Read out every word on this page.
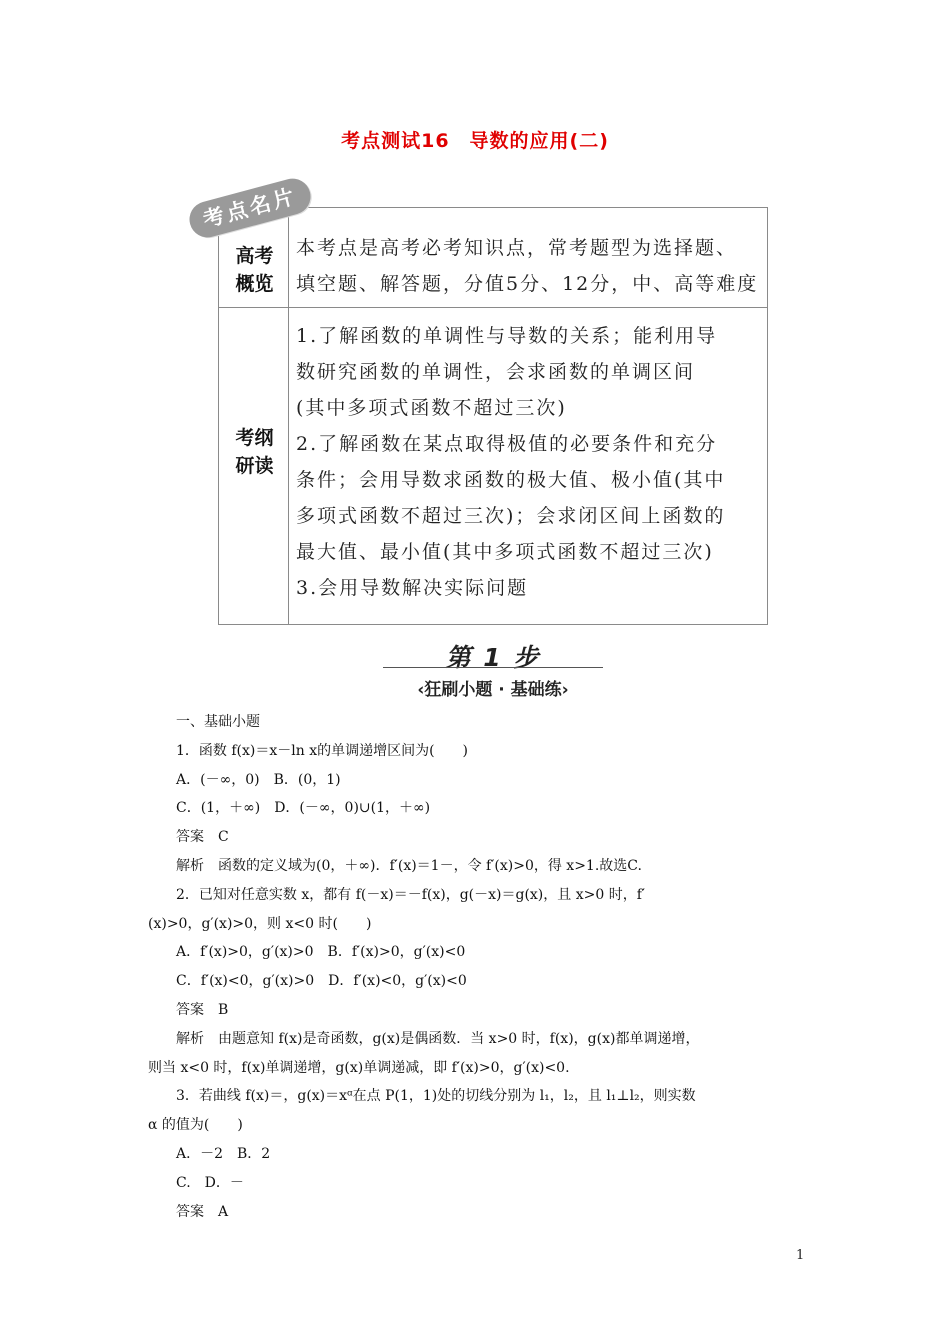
考点测试16　导数的应用(二)
考点名片
高考
概览
本考点是高考必考知识点，常考题型为选择题、
填空题、解答题，分值5分、12分，中、高等难度
考纲
研读
1.了解函数的单调性与导数的关系；能利用导
数研究函数的单调性，会求函数的单调区间
(其中多项式函数不超过三次)
2.了解函数在某点取得极值的必要条件和充分
条件；会用导数求函数的极大值、极小值(其中
多项式函数不超过三次)；会求闭区间上函数的
最大值、最小值(其中多项式函数不超过三次)
3.会用导数解决实际问题
第 1 步
‹狂刷小题 · 基础练›
一、基础小题
1．函数 f(x)＝x－ln x的单调递增区间为(　　)
A．(－∞，0)　B．(0，1)
C．(1，＋∞)　D．(－∞，0)∪(1，＋∞)
答案　C
解析　函数的定义域为(0，＋∞)．f′(x)＝1－，令 f′(x)>0，得 x>1.故选C.
2．已知对任意实数 x，都有 f(－x)＝－f(x)，g(－x)＝g(x)，且 x>0 时，f′
(x)>0，g′(x)>0，则 x<0 时(　　)
A．f′(x)>0，g′(x)>0　B．f′(x)>0，g′(x)<0
C．f′(x)<0，g′(x)>0　D．f′(x)<0，g′(x)<0
答案　B
解析　由题意知 f(x)是奇函数，g(x)是偶函数．当 x>0 时，f(x)，g(x)都单调递增，
则当 x<0 时，f(x)单调递增，g(x)单调递减，即 f′(x)>0，g′(x)<0.
3．若曲线 f(x)＝，g(x)＝xᵅ在点 P(1，1)处的切线分别为 l₁，l₂，且 l₁⊥l₂，则实数
α 的值为(　　)
A．－2　B．2
C.　D．－
答案　A
1
